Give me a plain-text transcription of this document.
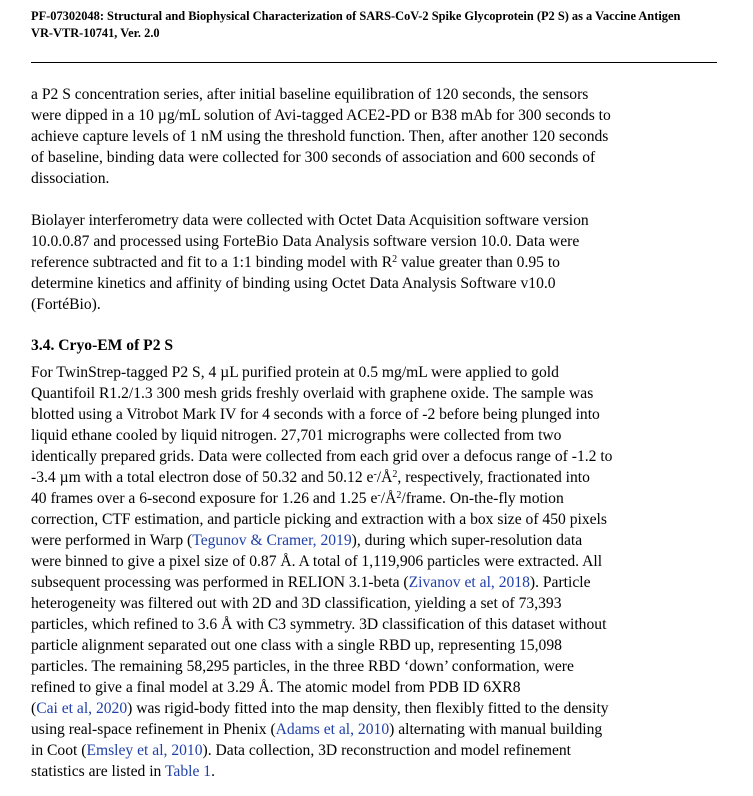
PF-07302048: Structural and Biophysical Characterization of SARS-CoV-2 Spike Glycoprotein (P2 S) as a Vaccine Antigen
VR-VTR-10741, Ver. 2.0

a P2 S concentration series, after initial baseline equilibration of 120 seconds, the sensors
were dipped in a 10 µg/mL solution of Avi-tagged ACE2-PD or B38 mAb for 300 seconds to
achieve capture levels of 1 nM using the threshold function. Then, after another 120 seconds
of baseline, binding data were collected for 300 seconds of association and 600 seconds of
dissociation.

Biolayer interferometry data were collected with Octet Data Acquisition software version
10.0.0.87 and processed using ForteBio Data Analysis software version 10.0. Data were
reference subtracted and fit to a 1:1 binding model with $R^2$ value greater than 0.95 to
determine kinetics and affinity of binding using Octet Data Analysis Software v10.0
(FortéBio).

3.4. Cryo-EM of P2 S

For TwinStrep-tagged P2 S, 4 µL purified protein at 0.5 mg/mL were applied to gold
Quantifoil R1.2/1.3 300 mesh grids freshly overlaid with graphene oxide. The sample was
blotted using a Vitrobot Mark IV for 4 seconds with a force of -2 before being plunged into
liquid ethane cooled by liquid nitrogen. 27,701 micrographs were collected from two
identically prepared grids. Data were collected from each grid over a defocus range of -1.2 to
-3.4 µm with a total electron dose of 50.32 and 50.12 $e^-/Å^2$, respectively, fractionated into
40 frames over a 6-second exposure for 1.26 and 1.25 $e^-/Å^2$/frame. On-the-fly motion
correction, CTF estimation, and particle picking and extraction with a box size of 450 pixels
were performed in Warp (Tegunov & Cramer, 2019), during which super-resolution data
were binned to give a pixel size of 0.87 Å. A total of 1,119,906 particles were extracted. All
subsequent processing was performed in RELION 3.1-beta (Zivanov et al, 2018). Particle
heterogeneity was filtered out with 2D and 3D classification, yielding a set of 73,393
particles, which refined to 3.6 Å with C3 symmetry. 3D classification of this dataset without
particle alignment separated out one class with a single RBD up, representing 15,098
particles. The remaining 58,295 particles, in the three RBD ‘down’ conformation, were
refined to give a final model at 3.29 Å. The atomic model from PDB ID 6XR8
(Cai et al, 2020) was rigid-body fitted into the map density, then flexibly fitted to the density
using real-space refinement in Phenix (Adams et al, 2010) alternating with manual building
in Coot (Emsley et al, 2010). Data collection, 3D reconstruction and model refinement
statistics are listed in Table 1.
